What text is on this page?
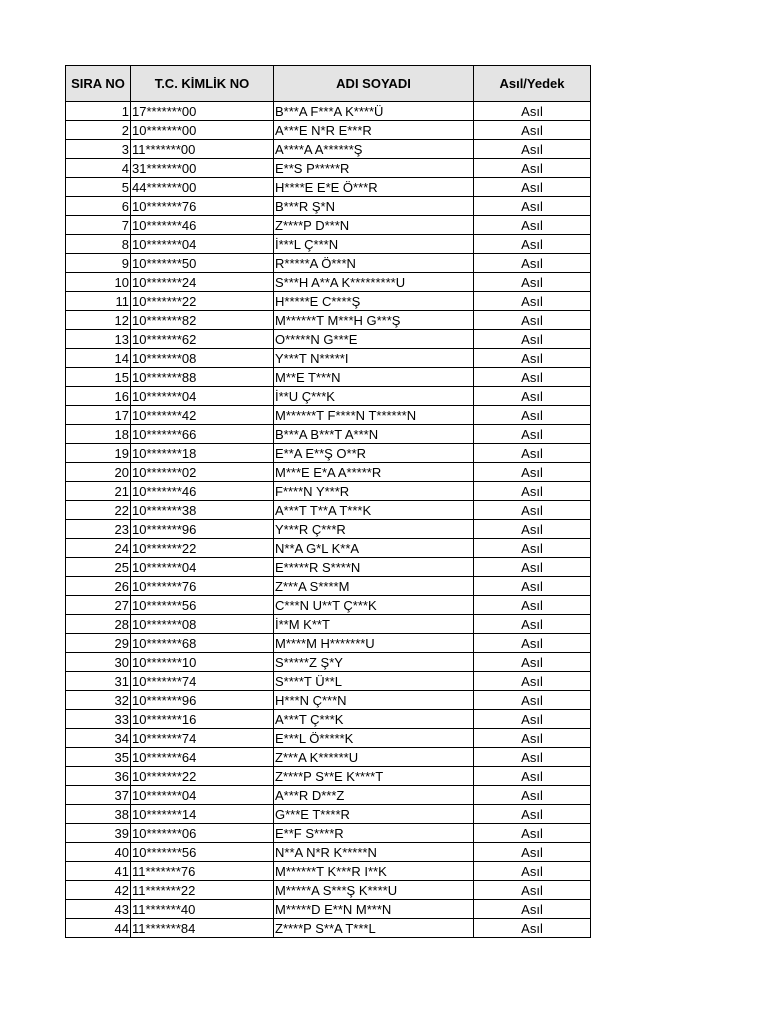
SIRA NO	T.C. KİMLİK NO	ADI SOYADI	Asıl/Yedek
1	17*******00	B***A F***A K****Ü	Asıl
2	10*******00	A***E N*R E***R	Asıl
3	11*******00	A****A A******Ş	Asıl
4	31*******00	E**S P*****R	Asıl
5	44*******00	H****E E*E Ö***R	Asıl
6	10*******76	B***R Ş*N	Asıl
7	10*******46	Z****P D***N	Asıl
8	10*******04	İ***L Ç***N	Asıl
9	10*******50	R*****A Ö***N	Asıl
10	10*******24	S***H A**A K*********U	Asıl
11	10*******22	H*****E C****Ş	Asıl
12	10*******82	M******T M***H G***Ş	Asıl
13	10*******62	O*****N G***E	Asıl
14	10*******08	Y***T N*****I	Asıl
15	10*******88	M**E T***N	Asıl
16	10*******04	İ**U Ç***K	Asıl
17	10*******42	M******T F****N T******N	Asıl
18	10*******66	B***A B***T A***N	Asıl
19	10*******18	E**A E**Ş O**R	Asıl
20	10*******02	M***E E*A A*****R	Asıl
21	10*******46	F****N Y***R	Asıl
22	10*******38	A***T T**A T***K	Asıl
23	10*******96	Y***R Ç***R	Asıl
24	10*******22	N**A G*L K**A	Asıl
25	10*******04	E*****R S****N	Asıl
26	10*******76	Z***A S****M	Asıl
27	10*******56	C***N U**T Ç***K	Asıl
28	10*******08	İ**M K**T	Asıl
29	10*******68	M****M H*******U	Asıl
30	10*******10	S*****Z Ş*Y	Asıl
31	10*******74	S****T Ü**L	Asıl
32	10*******96	H***N Ç***N	Asıl
33	10*******16	A***T Ç***K	Asıl
34	10*******74	E***L Ö*****K	Asıl
35	10*******64	Z***A K******U	Asıl
36	10*******22	Z****P S**E K****T	Asıl
37	10*******04	A***R D***Z	Asıl
38	10*******14	G***E T****R	Asıl
39	10*******06	E**F S****R	Asıl
40	10*******56	N**A N*R K*****N	Asıl
41	11*******76	M******T K***R I**K	Asıl
42	11*******22	M*****A S***Ş K****U	Asıl
43	11*******40	M*****D E**N M***N	Asıl
44	11*******84	Z****P S**A T***L	Asıl
